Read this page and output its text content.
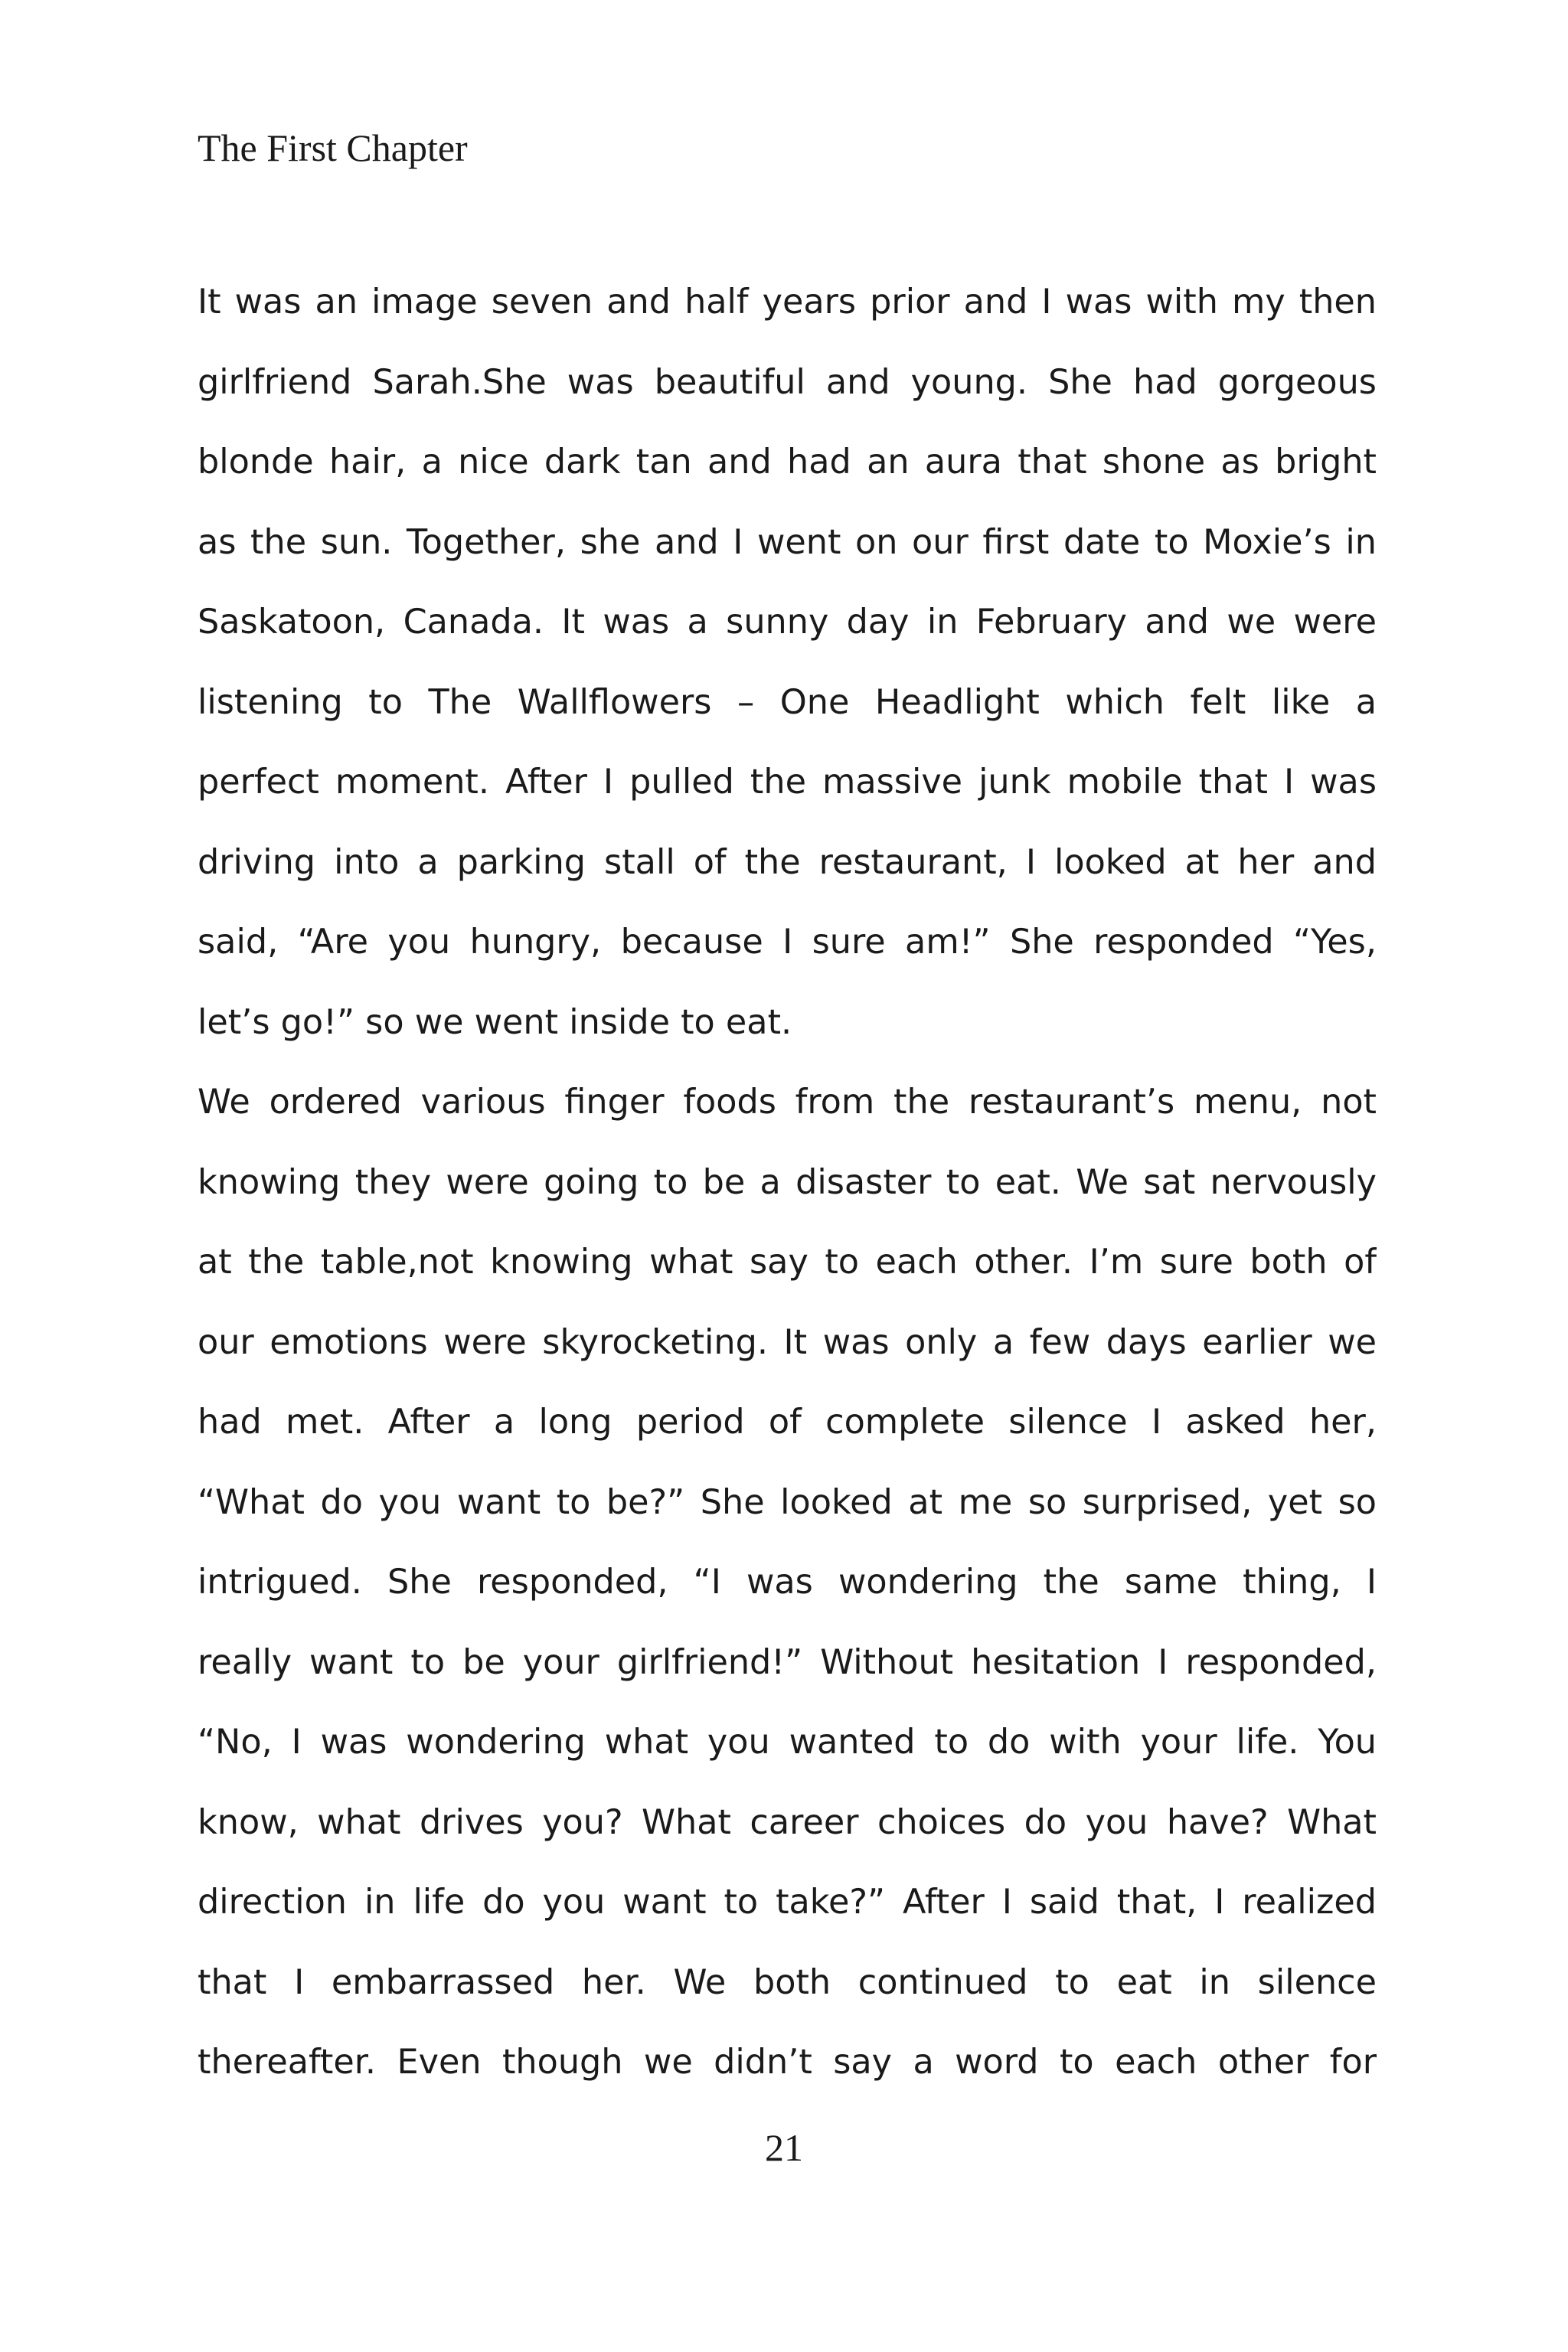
The First Chapter
It was an image seven and half years prior and I was with my then
girlfriend Sarah.She was beautiful and young. She had gorgeous
blonde hair, a nice dark tan and had an aura that shone as bright
as the sun. Together, she and I went on our first date to Moxie’s in
Saskatoon, Canada. It was a sunny day in February and we were
listening to The Wallflowers – One Headlight which felt like a
perfect moment. After I pulled the massive junk mobile that I was
driving into a parking stall of the restaurant, I looked at her and
said, “Are you hungry, because I sure am!” She responded “Yes,
let’s go!” so we went inside to eat.
We ordered various finger foods from the restaurant’s menu, not
knowing they were going to be a disaster to eat. We sat nervously
at the table,not knowing what say to each other. I’m sure both of
our emotions were skyrocketing. It was only a few days earlier we
had met. After a long period of complete silence I asked her,
“What do you want to be?” She looked at me so surprised, yet so
intrigued. She responded, “I was wondering the same thing, I
really want to be your girlfriend!” Without hesitation I responded,
“No, I was wondering what you wanted to do with your life. You
know, what drives you? What career choices do you have? What
direction in life do you want to take?” After I said that, I realized
that I embarrassed her. We both continued to eat in silence
thereafter. Even though we didn’t say a word to each other for
21
